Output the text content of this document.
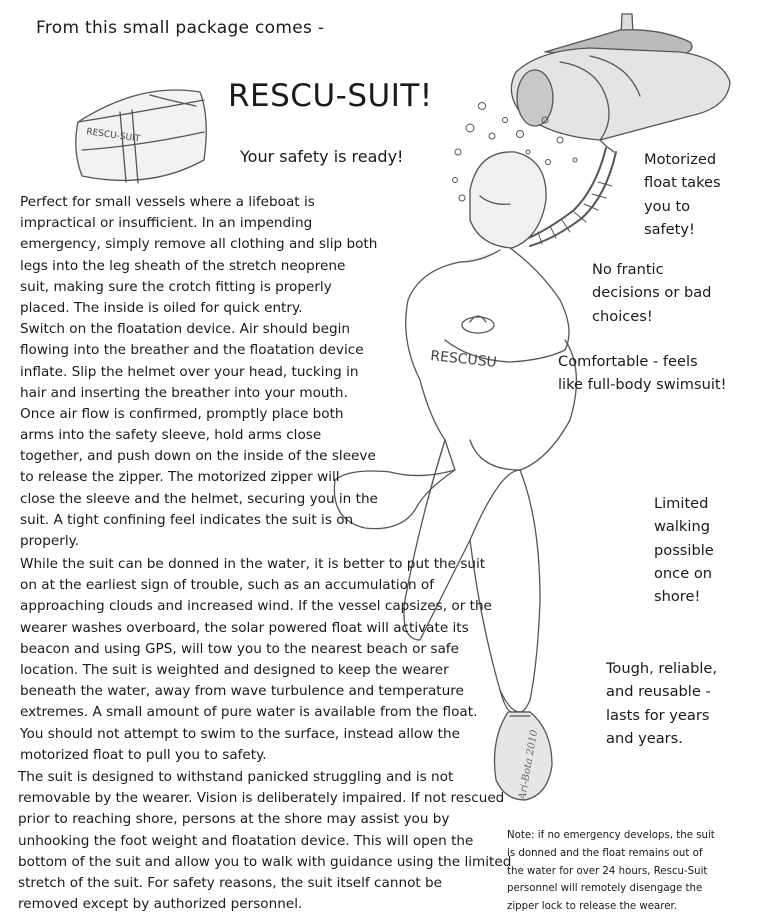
RESCU-SUIT
RESCUSU
Ari-Bota 2010
From this small package comes -
RESCU-SUIT!
Your safety is ready!
Perfect for small vessels where a lifeboat is
impractical or insufficient. In an impending
emergency, simply remove all clothing and slip both
legs into the leg sheath of the stretch neoprene
suit, making sure the crotch fitting is properly
placed. The inside is oiled for quick entry.
Switch on the floatation device. Air should begin
flowing into the breather and the floatation device
inflate. Slip the helmet over your head, tucking in
hair and inserting the breather into your mouth.
Once air flow is confirmed, promptly place both
arms into the safety sleeve, hold arms close
together, and push down on the inside of the sleeve
to release the zipper. The motorized zipper will
close the sleeve and the helmet, securing you in the
suit. A tight confining feel indicates the suit is on
properly.
While the suit can be donned in the water, it is better to put the suit
on at the earliest sign of trouble, such as an accumulation of
approaching clouds and increased wind. If the vessel capsizes, or the
wearer washes overboard, the solar powered float will activate its
beacon and using GPS, will tow you to the nearest beach or safe
location. The suit is weighted and designed to keep the wearer
beneath the water, away from wave turbulence and temperature
extremes. A small amount of pure water is available from the float.
You should not attempt to swim to the surface, instead allow the
motorized float to pull you to safety.
The suit is designed to withstand panicked struggling and is not
removable by the wearer. Vision is deliberately impaired. If not rescued
prior to reaching shore, persons at the shore may assist you by
unhooking the foot weight and floatation device. This will open the
bottom of the suit and allow you to walk with guidance using the limited
stretch of the suit. For safety reasons, the suit itself cannot be
removed except by authorized personnel.
Motorized
float takes
you to
safety!
No frantic
decisions or bad
choices!
Comfortable - feels
like full-body swimsuit!
Limited
walking
possible
once on
shore!
Tough, reliable,
and reusable -
lasts for years
and years.
Note: if no emergency develops, the suit
is donned and the float remains out of
the water for over 24 hours, Rescu-Suit
personnel will remotely disengage the
zipper lock to release the wearer.
